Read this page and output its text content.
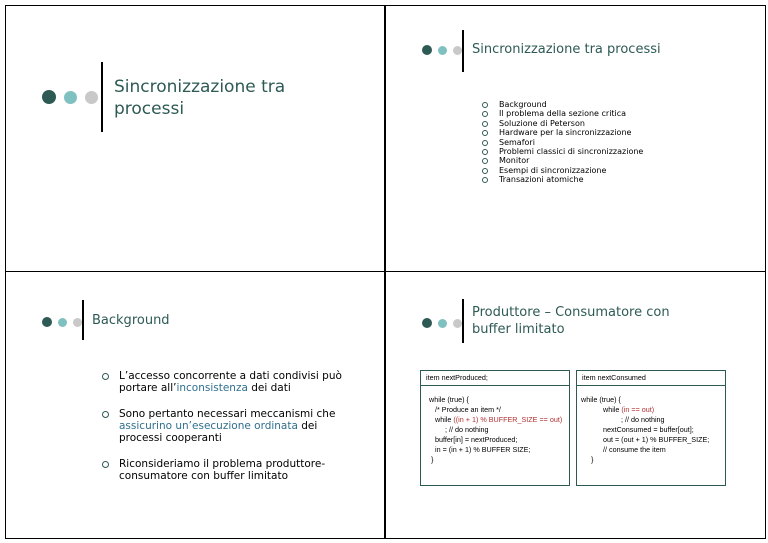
Sincronizzazione tra
processi
Sincronizzazione tra processi
Background
Il problema della sezione critica
Soluzione di Peterson
Hardware per la sincronizzazione
Semafori
Problemi classici di sincronizzazione
Monitor
Esempi di sincronizzazione
Transazioni atomiche
Background
L’accesso concorrente a dati condivisi può
portare all’inconsistenza dei dati
Sono pertanto necessari meccanismi che
assicurino un’esecuzione ordinata dei
processi cooperanti
Riconsideriamo il problema produttore-
consumatore con buffer limitato
Produttore – Consumatore con
buffer limitato
item nextProduced;
while (true) {
/* Produce an item */
while ((in + 1) % BUFFER_SIZE == out)
; // do nothing
buffer[in] = nextProduced;
in = (in + 1) % BUFFER SIZE;
}
item nextConsumed
while (true) {
while (in == out)
; // do nothing
nextConsumed = buffer[out];
out = (out + 1) % BUFFER_SIZE;
// consume the item
}
